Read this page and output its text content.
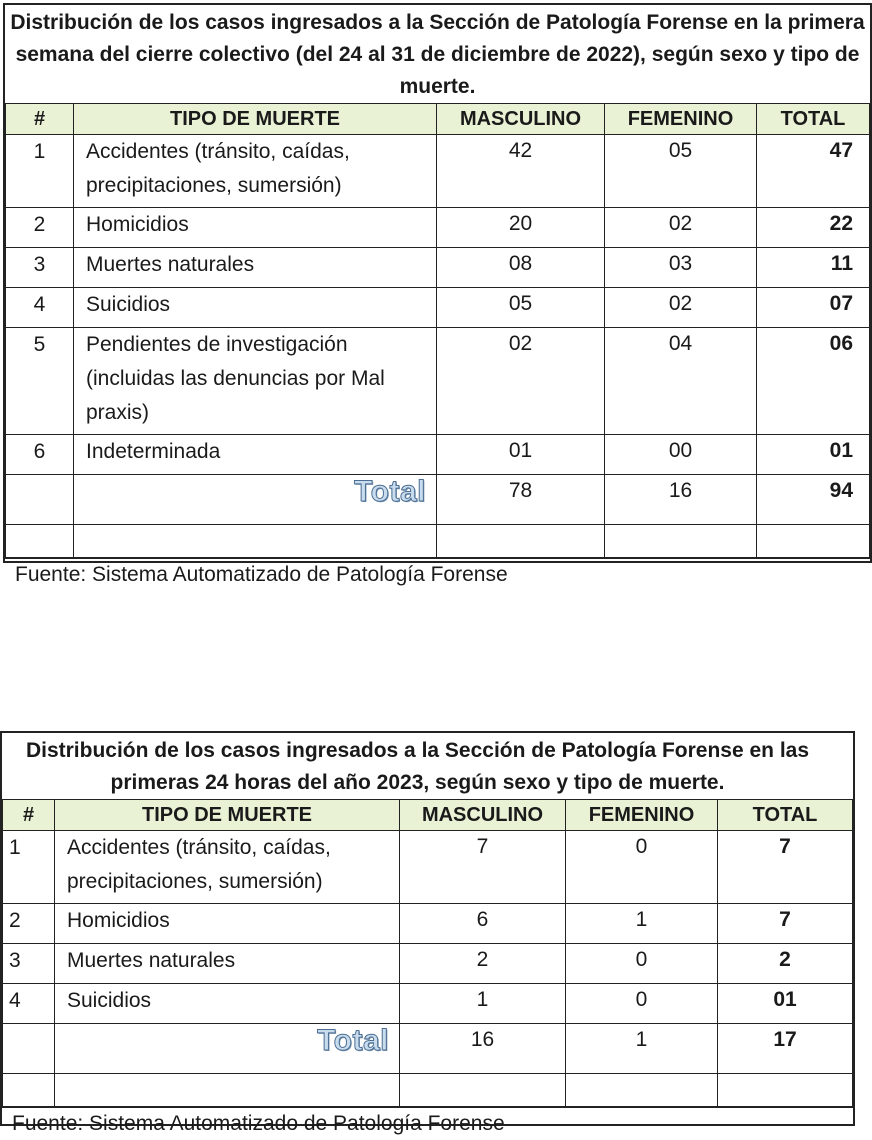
Distribución de los casos ingresados a la Sección de Patología Forense en la primera semana del cierre colectivo (del 24 al 31 de diciembre de 2022), según sexo y tipo de muerte.
#	TIPO DE MUERTE	MASCULINO	FEMENINO	TOTAL
1	Accidentes (tránsito, caídas, precipitaciones, sumersión)	42	05	47
2	Homicidios	20	02	22
3	Muertes naturales	08	03	11
4	Suicidios	05	02	07
5	Pendientes de investigación (incluidas las denuncias por Mal praxis)	02	04	06
6	Indeterminada	01	00	01
	Total	78	16	94

Fuente: Sistema Automatizado de Patología Forense
Distribución de los casos ingresados a la Sección de Patología Forense en las primeras 24 horas del año 2023, según sexo y tipo de muerte.
#	TIPO DE MUERTE	MASCULINO	FEMENINO	TOTAL
1	Accidentes (tránsito, caídas, precipitaciones, sumersión)	7	0	7
2	Homicidios	6	1	7
3	Muertes naturales	2	0	2
4	Suicidios	1	0	01
	Total	16	1	17

Fuente: Sistema Automatizado de Patología Forense
